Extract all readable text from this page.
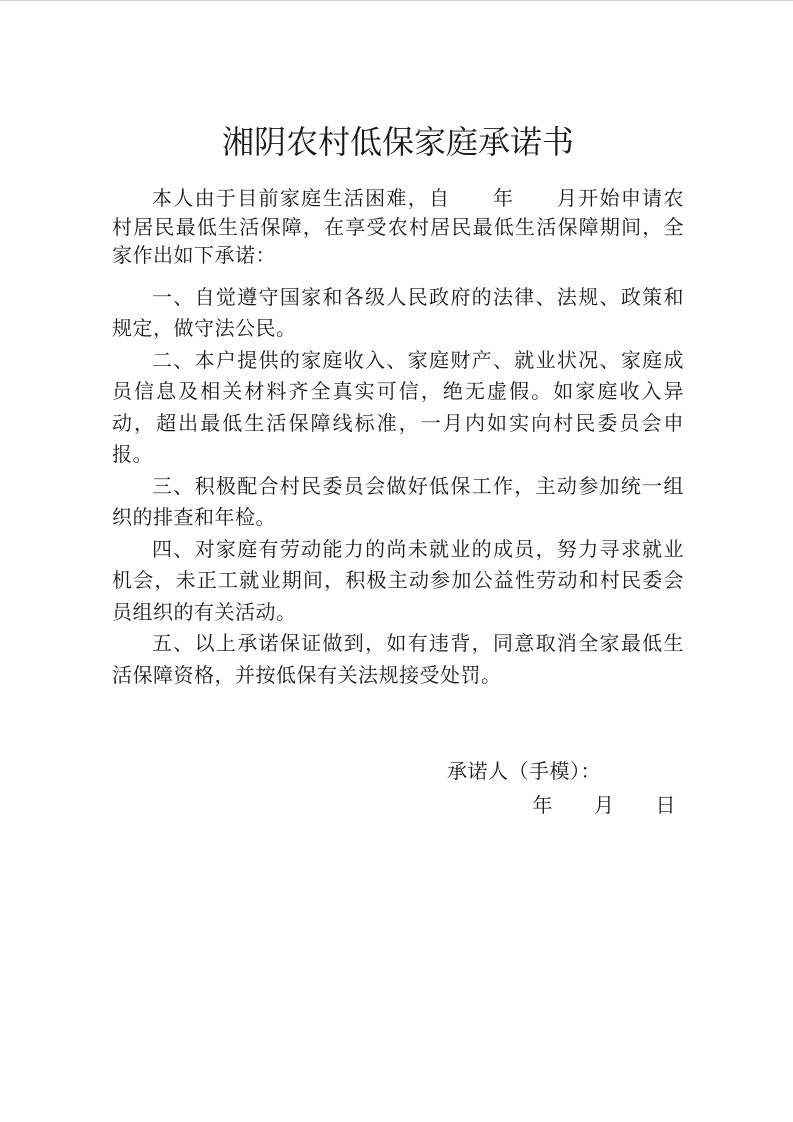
湘阴农村低保家庭承诺书

本人由于目前家庭生活困难，自　　年　　月开始申请农村居民最低生活保障，在享受农村居民最低生活保障期间，全家作出如下承诺：

一、自觉遵守国家和各级人民政府的法律、法规、政策和规定，做守法公民。

二、本户提供的家庭收入、家庭财产、就业状况、家庭成员信息及相关材料齐全真实可信，绝无虚假。如家庭收入异动，超出最低生活保障线标准，一月内如实向村民委员会申报。

三、积极配合村民委员会做好低保工作，主动参加统一组织的排查和年检。

四、对家庭有劳动能力的尚未就业的成员，努力寻求就业机会，未正工就业期间，积极主动参加公益性劳动和村民委会员组织的有关活动。

五、以上承诺保证做到，如有违背，同意取消全家最低生活保障资格，并按低保有关法规接受处罚。

承诺人（手模）：

年　　月　　日
